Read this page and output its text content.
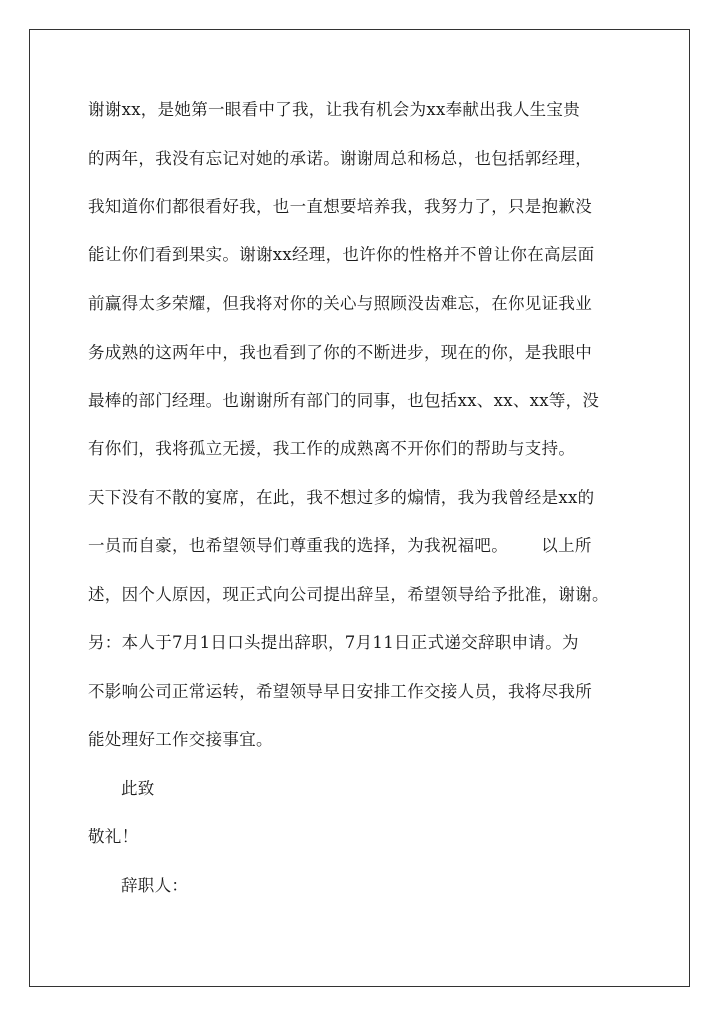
谢谢xx，是她第一眼看中了我，让我有机会为xx奉献出我人生宝贵
的两年，我没有忘记对她的承诺。谢谢周总和杨总，也包括郭经理，
我知道你们都很看好我，也一直想要培养我，我努力了，只是抱歉没
能让你们看到果实。谢谢xx经理，也许你的性格并不曾让你在高层面
前赢得太多荣耀，但我将对你的关心与照顾没齿难忘，在你见证我业
务成熟的这两年中，我也看到了你的不断进步，现在的你，是我眼中
最棒的部门经理。也谢谢所有部门的同事，也包括xx、xx、xx等，没
有你们，我将孤立无援，我工作的成熟离不开你们的帮助与支持。
天下没有不散的宴席，在此，我不想过多的煽情，我为我曾经是xx的
一员而自豪，也希望领导们尊重我的选择，为我祝福吧。      以上所
述，因个人原因，现正式向公司提出辞呈，希望领导给予批准，谢谢。
另：本人于7月1日口头提出辞职，7月11日正式递交辞职申请。为
不影响公司正常运转，希望领导早日安排工作交接人员，我将尽我所
能处理好工作交接事宜。
此致
敬礼！
辞职人：
